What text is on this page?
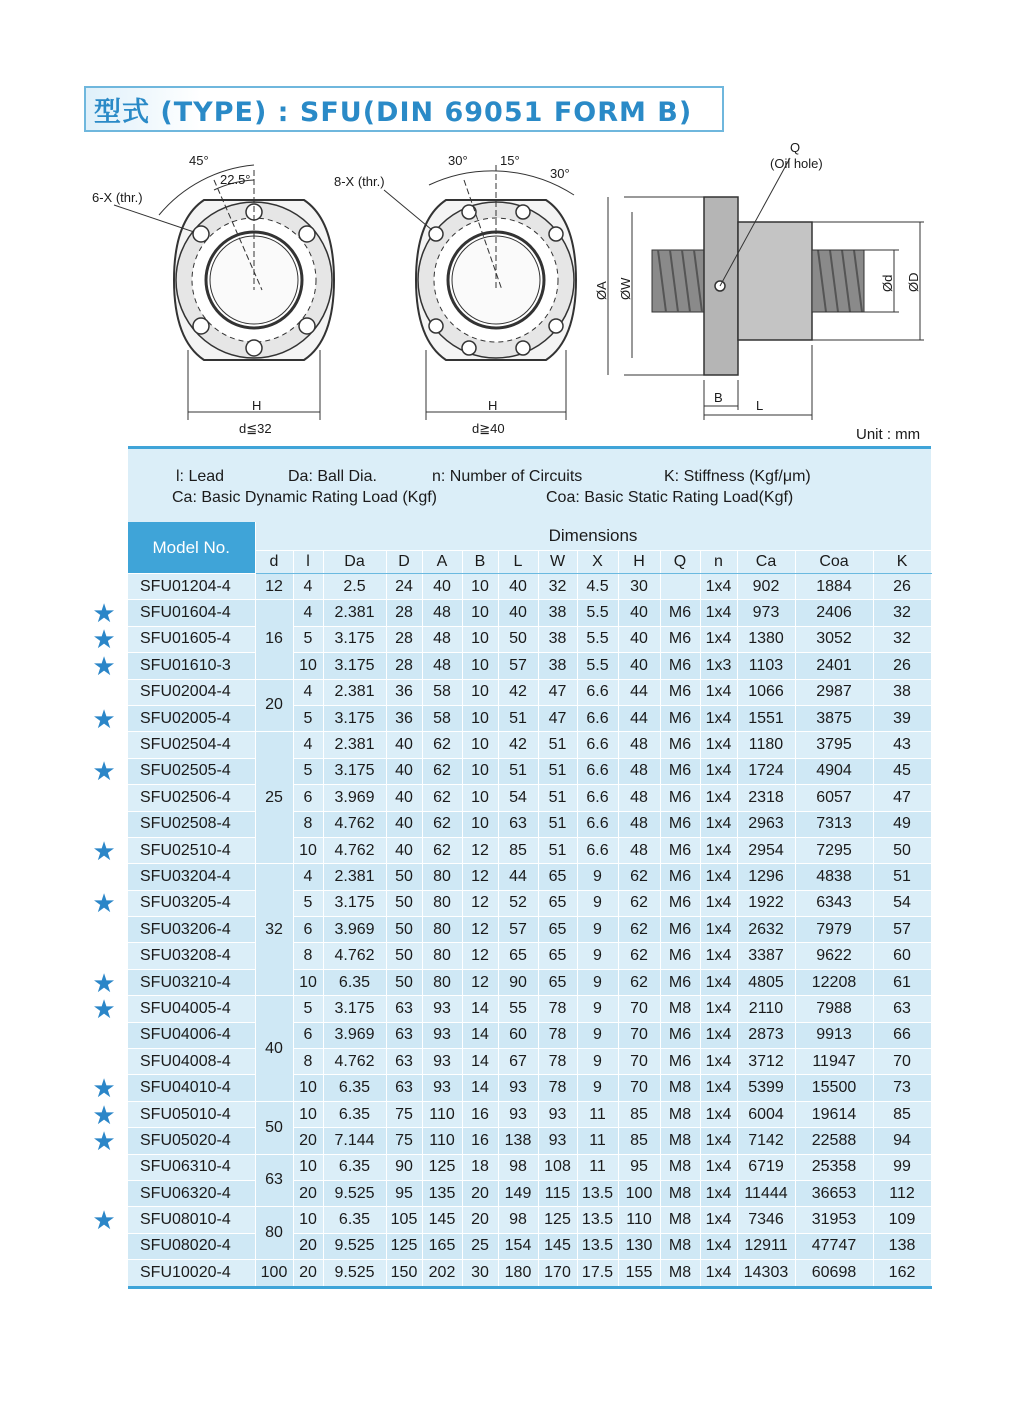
型式 (TYPE) : SFU(DIN 69051 FORM B)
45°
22.5°
6-X (thr.)
H
d≦32
30° 15°
30°
8-X (thr.)
H
d≧40
Q
(Oil hole)
ØA ØW	Ød ØD
B
L
Unit : mm
l: Lead	Da: Ball Dia.	n: Number of Circuits	K: Stiffness (Kgf/μm)
Ca: Basic Dynamic Rating Load (Kgf)	Coa: Basic Static Rating Load(Kgf)
Model No.	Dimensions														
	d	l	Da	D	A	B	L	W	X	H	Q	n	Ca	Coa	K
SFU01204-4	12	4	2.5	24	40	10	40	32	4.5	30		1x4	902	1884	26
SFU01604-4	16	4	2.381	28	48	10	40	38	5.5	40	M6	1x4	973	2406	32
SFU01605-4		5	3.175	28	48	10	50	38	5.5	40	M6	1x4	1380	3052	32
SFU01610-3		10	3.175	28	48	10	57	38	5.5	40	M6	1x3	1103	2401	26
SFU02004-4	20	4	2.381	36	58	10	42	47	6.6	44	M6	1x4	1066	2987	38
SFU02005-4		5	3.175	36	58	10	51	47	6.6	44	M6	1x4	1551	3875	39
SFU02504-4	25	4	2.381	40	62	10	42	51	6.6	48	M6	1x4	1180	3795	43
SFU02505-4		5	3.175	40	62	10	51	51	6.6	48	M6	1x4	1724	4904	45
SFU02506-4		6	3.969	40	62	10	54	51	6.6	48	M6	1x4	2318	6057	47
SFU02508-4		8	4.762	40	62	10	63	51	6.6	48	M6	1x4	2963	7313	49
SFU02510-4		10	4.762	40	62	12	85	51	6.6	48	M6	1x4	2954	7295	50
SFU03204-4	32	4	2.381	50	80	12	44	65	9	62	M6	1x4	1296	4838	51
SFU03205-4		5	3.175	50	80	12	52	65	9	62	M6	1x4	1922	6343	54
SFU03206-4		6	3.969	50	80	12	57	65	9	62	M6	1x4	2632	7979	57
SFU03208-4		8	4.762	50	80	12	65	65	9	62	M6	1x4	3387	9622	60
SFU03210-4		10	6.35	50	80	12	90	65	9	62	M6	1x4	4805	12208	61
SFU04005-4	40	5	3.175	63	93	14	55	78	9	70	M8	1x4	2110	7988	63
SFU04006-4		6	3.969	63	93	14	60	78	9	70	M6	1x4	2873	9913	66
SFU04008-4		8	4.762	63	93	14	67	78	9	70	M6	1x4	3712	11947	70
SFU04010-4		10	6.35	63	93	14	93	78	9	70	M8	1x4	5399	15500	73
SFU05010-4	50	10	6.35	75	110	16	93	93	11	85	M8	1x4	6004	19614	85
SFU05020-4		20	7.144	75	110	16	138	93	11	85	M8	1x4	7142	22588	94
SFU06310-4	63	10	6.35	90	125	18	98	108	11	95	M8	1x4	6719	25358	99
SFU06320-4		20	9.525	95	135	20	149	115	13.5	100	M8	1x4	11444	36653	112
SFU08010-4	80	10	6.35	105	145	20	98	125	13.5	110	M8	1x4	7346	31953	109
SFU08020-4		20	9.525	125	165	25	154	145	13.5	130	M8	1x4	12911	47747	138
SFU10020-4	100	20	9.525	150	202	30	180	170	17.5	155	M8	1x4	14303	60698	162
★
★
★
★
★
★
★
★
★
★
★
★
★
